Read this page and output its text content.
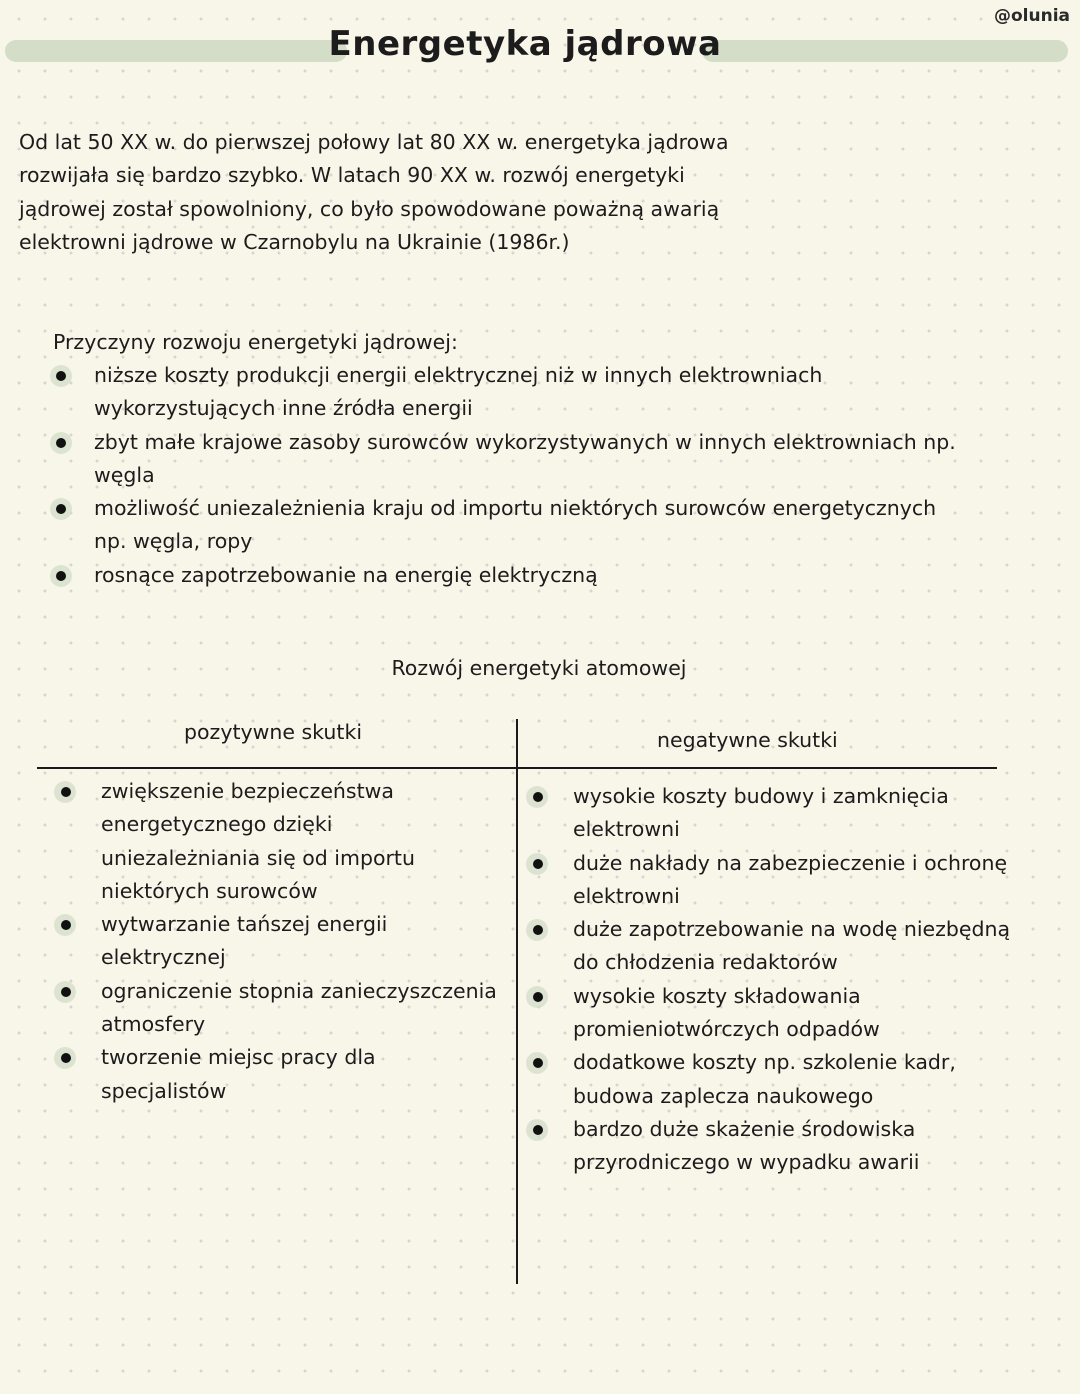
@olunia
Energetyka jądrowa

Od lat 50 XX w. do pierwszej połowy lat 80 XX w. energetyka jądrowa

rozwijała się bardzo szybko. W latach 90 XX w. rozwój energetyki

jądrowej został spowolniony, co było spowodowane poważną awarią

elektrowni jądrowe w Czarnobylu na Ukrainie (1986r.)

Przyczyny rozwoju energetyki jądrowej:
niższe koszty produkcji energii elektrycznej niż w innych elektrowniach
wykorzystujących inne źródła energii
zbyt małe krajowe zasoby surowców wykorzystywanych w innych elektrowniach np.
węgla
możliwość uniezależnienia kraju od importu niektórych surowców energetycznych
np. węgla, ropy
rosnące zapotrzebowanie na energię elektryczną
Rozwój energetyki atomowej
pozytywne skutki	negatywne skutki
zwiększenie bezpieczeństwa
energetycznego dzięki
uniezależniania się od importu
niektórych surowców
wytwarzanie tańszej energii
elektrycznej
ograniczenie stopnia zanieczyszczenia
atmosfery
tworzenie miejsc pracy dla
specjalistów
wysokie koszty budowy i zamknięcia
elektrowni
duże nakłady na zabezpieczenie i ochronę
elektrowni
duże zapotrzebowanie na wodę niezbędną
do chłodzenia redaktorów
wysokie koszty składowania
promieniotwórczych odpadów
dodatkowe koszty np. szkolenie kadr,
budowa zaplecza naukowego
bardzo duże skażenie środowiska
przyrodniczego w wypadku awarii
